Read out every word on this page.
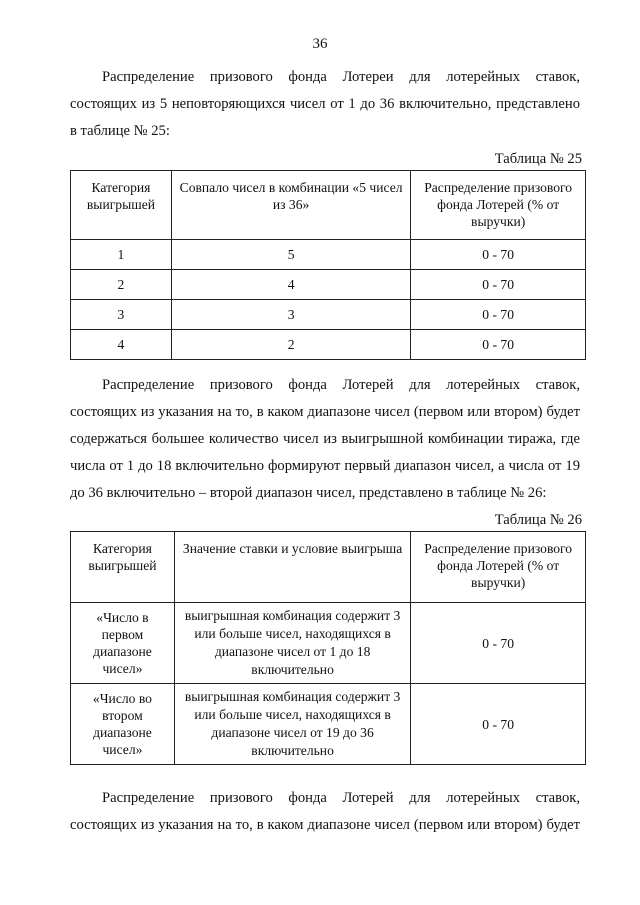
36
Распределение призового фонда Лотереи для лотерейных ставок,
состоящих из 5 неповторяющихся чисел от 1 до 36 включительно, представлено
в таблице № 25:
Таблица № 25
Категория выигрышей	Совпало чисел в комбинации «5 чисел из 36»	Распределение призового фонда Лотерей (% от выручки)
1	5	0 - 70
2	4	0 - 70
3	3	0 - 70
4	2	0 - 70
Распределение призового фонда Лотерей для лотерейных ставок,
состоящих из указания на то, в каком диапазоне чисел (первом или втором) будет
содержаться большее количество чисел из выигрышной комбинации тиража, где
числа от 1 до 18 включительно формируют первый диапазон чисел, а числа от 19
до 36 включительно – второй диапазон чисел, представлено в таблице № 26:
Таблица № 26
Категория выигрышей	Значение ставки и условие выигрыша	Распределение призового фонда Лотерей (% от выручки)
«Число в первом диапазоне чисел»	выигрышная комбинация содержит 3 или больше чисел, находящихся в диапазоне чисел от 1 до 18 включительно	0 - 70
«Число во втором диапазоне чисел»	выигрышная комбинация содержит 3 или больше чисел, находящихся в диапазоне чисел от 19 до 36 включительно	0 - 70
Распределение призового фонда Лотерей для лотерейных ставок,
состоящих из указания на то, в каком диапазоне чисел (первом или втором) будет
